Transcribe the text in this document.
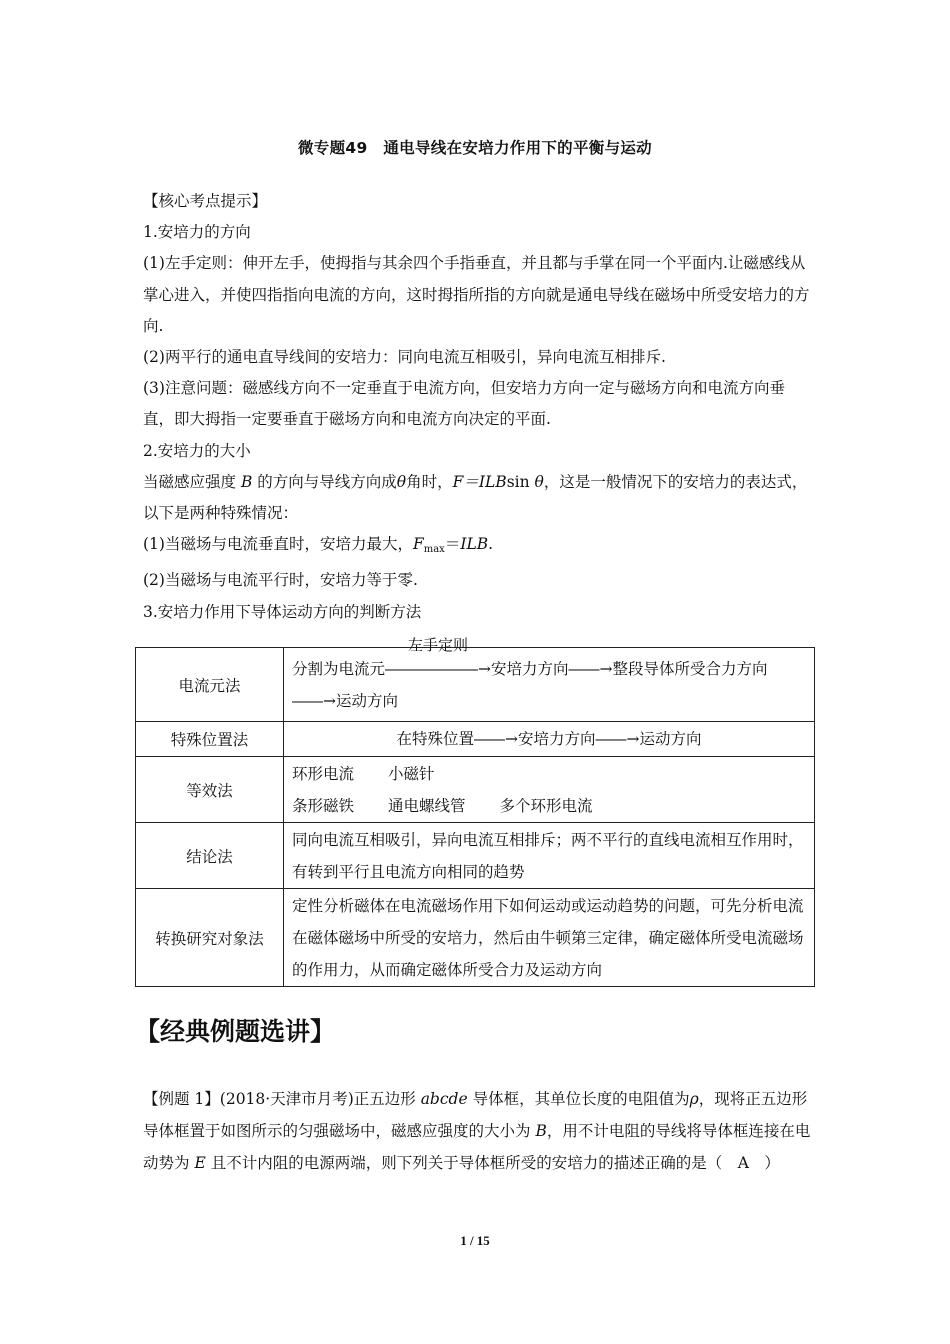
微专题49　通电导线在安培力作用下的平衡与运动
【核心考点提示】
1.安培力的方向
(1)左手定则：伸开左手，使拇指与其余四个手指垂直，并且都与手掌在同一个平面内.让磁感线从掌心进入，并使四指指向电流的方向，这时拇指所指的方向就是通电导线在磁场中所受安培力的方向.
(2)两平行的通电直导线间的安培力：同向电流互相吸引，异向电流互相排斥.
(3)注意问题：磁感线方向不一定垂直于电流方向，但安培力方向一定与磁场方向和电流方向垂直，即大拇指一定要垂直于磁场方向和电流方向决定的平面.
2.安培力的大小
当磁感应强度 B 的方向与导线方向成θ角时，F＝ILBsin θ，这是一般情况下的安培力的表达式，以下是两种特殊情况：
(1)当磁场与电流垂直时，安培力最大，$F_{max}=ILB$.
(2)当磁场与电流平行时，安培力等于零.
3.安培力作用下导体运动方向的判断方法
电流元法	分割为电流元
左手定则
――――――→安培力方向――→整段导体所受合力方向――→运动方向
特殊位置法	在特殊位置――→安培力方向――→运动方向
等效法	环形电流 小磁针
条形磁铁 通电螺线管 多个环形电流

结论法	同向电流互相吸引，异向电流互相排斥；两不平行的直线电流相互作用时，有转到平行且电流方向相同的趋势
转换研究对象法	定性分析磁体在电流磁场作用下如何运动或运动趋势的问题，可先分析电流在磁体磁场中所受的安培力，然后由牛顿第三定律，确定磁体所受电流磁场的作用力，从而确定磁体所受合力及运动方向
【经典例题选讲】
【例题 1】(2018·天津市月考)正五边形 abcde 导体框，其单位长度的电阻值为ρ，现将正五边形导体框置于如图所示的匀强磁场中，磁感应强度的大小为 B，用不计电阻的导线将导体框连接在电动势为 E 且不计内阻的电源两端，则下列关于导体框所受的安培力的描述正确的是（　A　）
1 / 15
